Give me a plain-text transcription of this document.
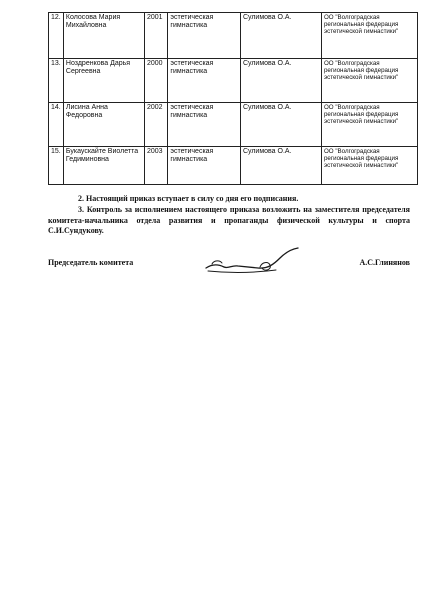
12.	Колосова Мария Михайловна	2001	эстетическая гимнастика	Сулимова О.А.	ОО "Волгоградская региональная федерация эстетической гимнастики"
13.	Ноздренкова Дарья Сергеевна	2000	эстетическая гимнастика	Сулимова О.А.	ОО "Волгоградская региональная федерация эстетической гимнастики"
14.	Лисина Анна Федоровна	2002	эстетическая гимнастика	Сулимова О.А.	ОО "Волгоградская региональная федерация эстетической гимнастики"
15.	Букаускайте Виолетта Гедиминовна	2003	эстетическая гимнастика	Сулимова О.А.	ОО "Волгоградская региональная федерация эстетической гимнастики"

2. Настоящий приказ вступает в силу со дня его подписания.

3. Контроль за исполнением настоящего приказа возложить на заместителя председателя комитета-начальника отдела развития и пропаганды физической культуры и спорта С.И.Сундукову.

Председатель комитета	А.С.Глинянов
